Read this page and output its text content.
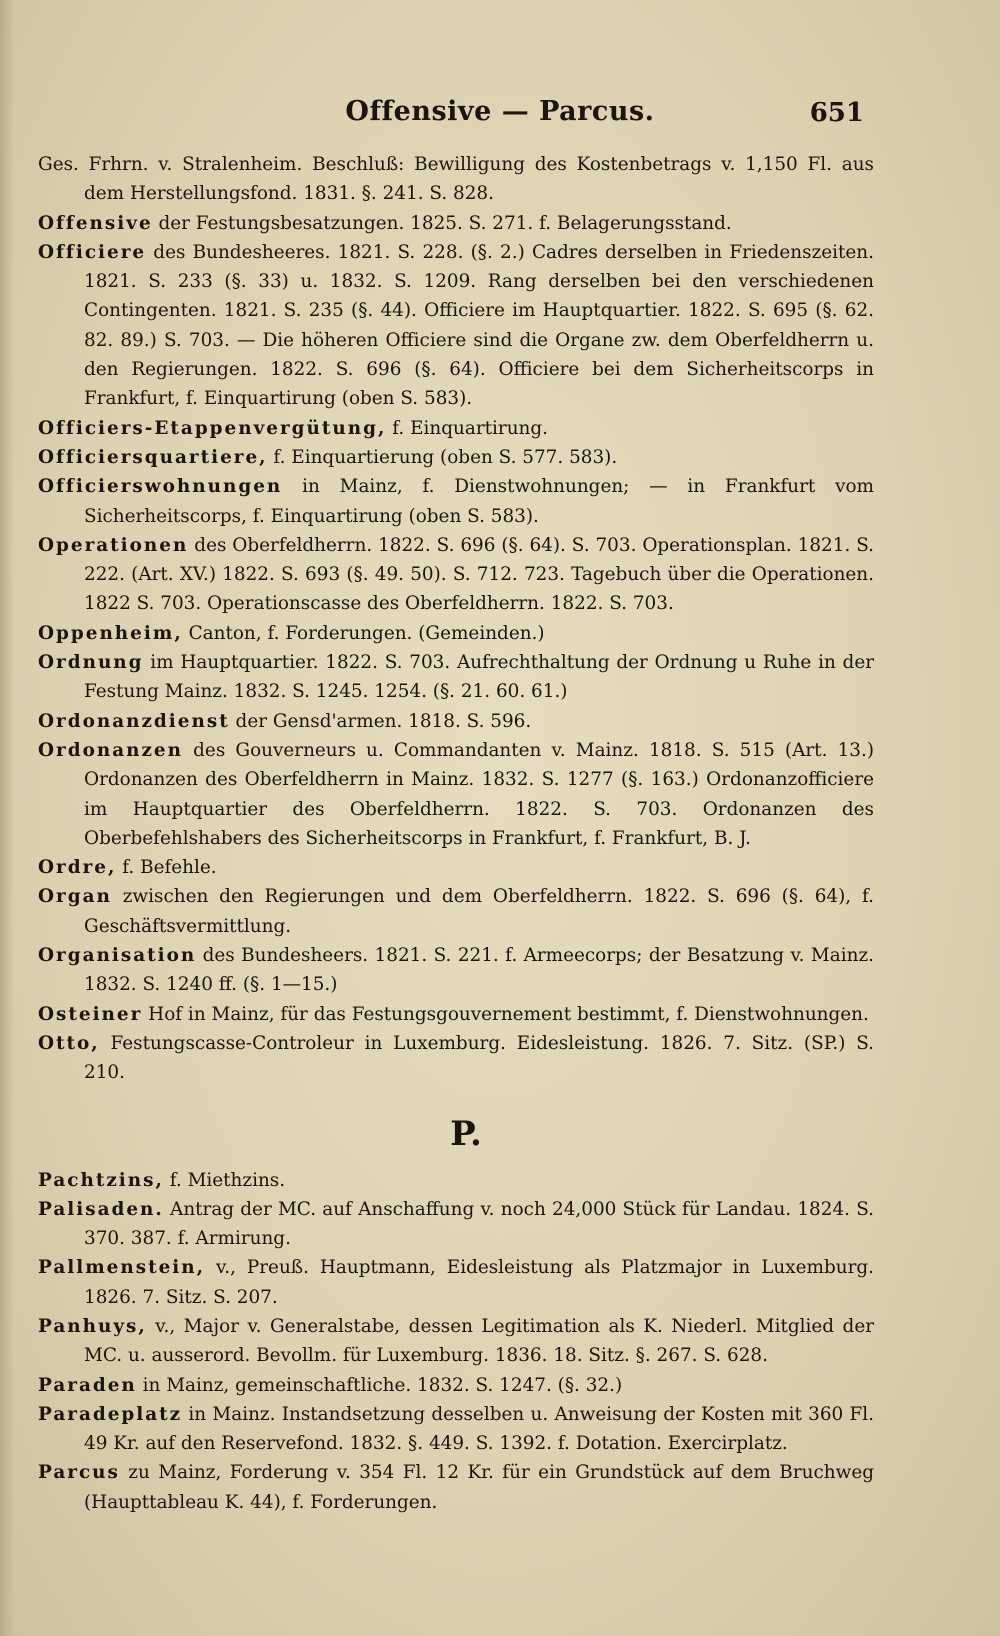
Offensive — Parcus.	651
Ges. Frhrn. v. Stralenheim. Beschluß: Bewilligung des Kostenbetrags v. 1,150 Fl. aus dem Herstellungsfond. 1831. §. 241. S. 828.
Offensive der Festungsbesatzungen. 1825. S. 271. f. Belagerungsstand.
Officiere des Bundesheeres. 1821. S. 228. (§. 2.) Cadres derselben in Friedenszeiten. 1821. S. 233 (§. 33) u. 1832. S. 1209. Rang derselben bei den verschiedenen Contingenten. 1821. S. 235 (§. 44). Officiere im Hauptquartier. 1822. S. 695 (§. 62. 82. 89.) S. 703. — Die höheren Officiere sind die Organe zw. dem Oberfeldherrn u. den Regierungen. 1822. S. 696 (§. 64). Officiere bei dem Sicherheitscorps in Frankfurt, f. Einquartirung (oben S. 583).
Officiers-Etappenvergütung, f. Einquartirung.
Officiersquartiere, f. Einquartierung (oben S. 577. 583).
Officierswohnungen in Mainz, f. Dienstwohnungen; — in Frankfurt vom Sicherheitscorps, f. Einquartirung (oben S. 583).
Operationen des Oberfeldherrn. 1822. S. 696 (§. 64). S. 703. Operationsplan. 1821. S. 222. (Art. XV.) 1822. S. 693 (§. 49. 50). S. 712. 723. Tagebuch über die Operationen. 1822 S. 703. Operationscasse des Oberfeldherrn. 1822. S. 703.
Oppenheim, Canton, f. Forderungen. (Gemeinden.)
Ordnung im Hauptquartier. 1822. S. 703. Aufrechthaltung der Ordnung u Ruhe in der Festung Mainz. 1832. S. 1245. 1254. (§. 21. 60. 61.)
Ordonanzdienst der Gensd'armen. 1818. S. 596.
Ordonanzen des Gouverneurs u. Commandanten v. Mainz. 1818. S. 515 (Art. 13.) Ordonanzen des Oberfeldherrn in Mainz. 1832. S. 1277 (§. 163.) Ordonanzofficiere im Hauptquartier des Oberfeldherrn. 1822. S. 703. Ordonanzen des Oberbefehlshabers des Sicherheitscorps in Frankfurt, f. Frankfurt, B. J.
Ordre, f. Befehle.
Organ zwischen den Regierungen und dem Oberfeldherrn. 1822. S. 696 (§. 64), f. Geschäftsvermittlung.
Organisation des Bundesheers. 1821. S. 221. f. Armeecorps; der Besatzung v. Mainz. 1832. S. 1240 ff. (§. 1—15.)
Osteiner Hof in Mainz, für das Festungsgouvernement bestimmt, f. Dienstwohnungen.
Otto, Festungscasse-Controleur in Luxemburg. Eidesleistung. 1826. 7. Sitz. (SP.) S. 210.
P.
Pachtzins, f. Miethzins.
Palisaden. Antrag der MC. auf Anschaffung v. noch 24,000 Stück für Landau. 1824. S. 370. 387. f. Armirung.
Pallmenstein, v., Preuß. Hauptmann, Eidesleistung als Platzmajor in Luxemburg. 1826. 7. Sitz. S. 207.
Panhuys, v., Major v. Generalstabe, dessen Legitimation als K. Niederl. Mitglied der MC. u. ausserord. Bevollm. für Luxemburg. 1836. 18. Sitz. §. 267. S. 628.
Paraden in Mainz, gemeinschaftliche. 1832. S. 1247. (§. 32.)
Paradeplatz in Mainz. Instandsetzung desselben u. Anweisung der Kosten mit 360 Fl. 49 Kr. auf den Reservefond. 1832. §. 449. S. 1392. f. Dotation. Exercirplatz.
Parcus zu Mainz, Forderung v. 354 Fl. 12 Kr. für ein Grundstück auf dem Bruchweg (Haupttableau K. 44), f. Forderungen.
